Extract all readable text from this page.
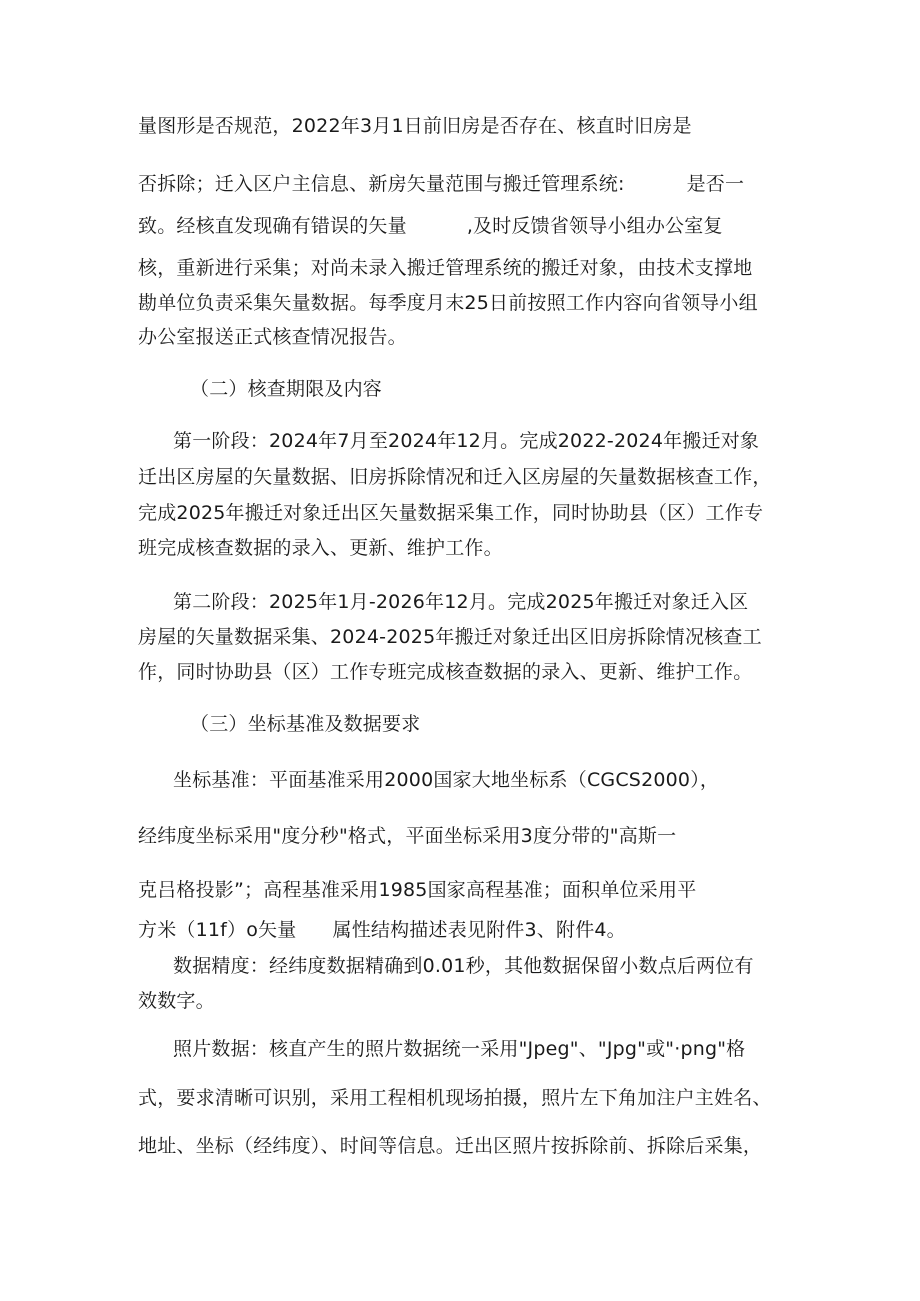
量图形是否规范，2022年3月1日前旧房是否存在、核直时旧房是
否拆除；迁入区户主信息、新房矢量范围与搬迁管理系统:	是否一
致。经核直发现确有错误的矢量	,及时反馈省领导小组办公室复
核，重新进行采集；对尚未录入搬迁管理系统的搬迁对象，由技术支撑地
勘单位负责采集矢量数据。每季度月末25日前按照工作内容向省领导小组
办公室报送正式核查情况报告。
（二）核查期限及内容
第一阶段：2024年7月至2024年12月。完成2022-2024年搬迁对象
迁出区房屋的矢量数据、旧房拆除情况和迁入区房屋的矢量数据核查工作，
完成2025年搬迁对象迁出区矢量数据采集工作，同时协助县（区）工作专
班完成核查数据的录入、更新、维护工作。
第二阶段：2025年1月-2026年12月。完成2025年搬迁对象迁入区
房屋的矢量数据采集、2024-2025年搬迁对象迁出区旧房拆除情况核查工
作，同时协助县（区）工作专班完成核查数据的录入、更新、维护工作。
（三）坐标基准及数据要求
坐标基准：平面基准采用2000国家大地坐标系（CGCS2000），
经纬度坐标采用"度分秒"格式，平面坐标采用3度分带的"高斯一
克吕格投影”；高程基准采用1985国家高程基准；面积单位采用平
方米（11f）o矢量 属性结构描述表见附件3、附件4。
数据精度：经纬度数据精确到0.01秒，其他数据保留小数点后两位有
效数字。
照片数据：核直产生的照片数据统一采用"Jpeg"、"Jpg"或"·png"格
式，要求清晰可识别，采用工程相机现场拍摄，照片左下角加注户主姓名、
地址、坐标（经纬度）、时间等信息。迁出区照片按拆除前、拆除后采集，
